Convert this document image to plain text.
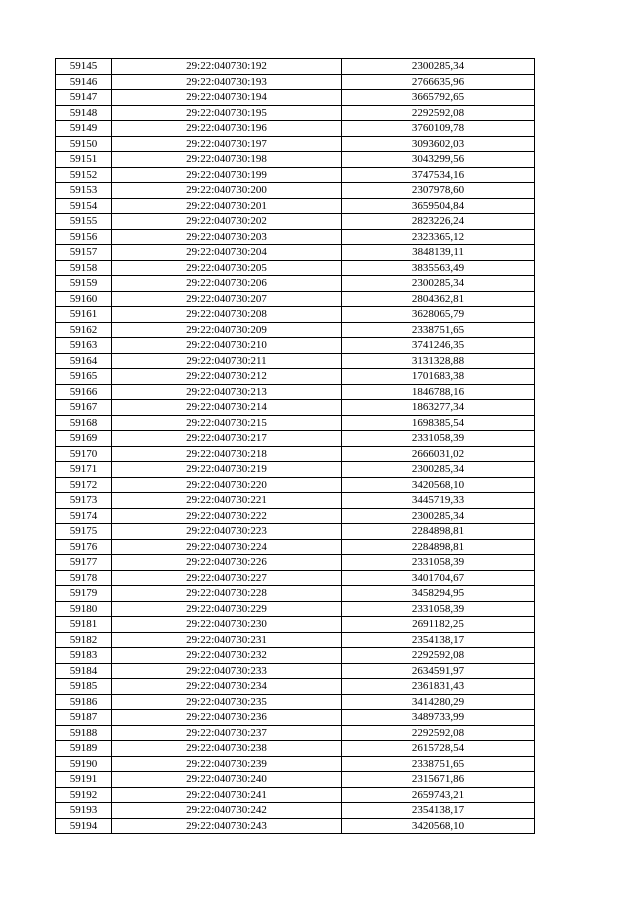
59145	29:22:040730:192	2300285,34
59146	29:22:040730:193	2766635,96
59147	29:22:040730:194	3665792,65
59148	29:22:040730:195	2292592,08
59149	29:22:040730:196	3760109,78
59150	29:22:040730:197	3093602,03
59151	29:22:040730:198	3043299,56
59152	29:22:040730:199	3747534,16
59153	29:22:040730:200	2307978,60
59154	29:22:040730:201	3659504,84
59155	29:22:040730:202	2823226,24
59156	29:22:040730:203	2323365,12
59157	29:22:040730:204	3848139,11
59158	29:22:040730:205	3835563,49
59159	29:22:040730:206	2300285,34
59160	29:22:040730:207	2804362,81
59161	29:22:040730:208	3628065,79
59162	29:22:040730:209	2338751,65
59163	29:22:040730:210	3741246,35
59164	29:22:040730:211	3131328,88
59165	29:22:040730:212	1701683,38
59166	29:22:040730:213	1846788,16
59167	29:22:040730:214	1863277,34
59168	29:22:040730:215	1698385,54
59169	29:22:040730:217	2331058,39
59170	29:22:040730:218	2666031,02
59171	29:22:040730:219	2300285,34
59172	29:22:040730:220	3420568,10
59173	29:22:040730:221	3445719,33
59174	29:22:040730:222	2300285,34
59175	29:22:040730:223	2284898,81
59176	29:22:040730:224	2284898,81
59177	29:22:040730:226	2331058,39
59178	29:22:040730:227	3401704,67
59179	29:22:040730:228	3458294,95
59180	29:22:040730:229	2331058,39
59181	29:22:040730:230	2691182,25
59182	29:22:040730:231	2354138,17
59183	29:22:040730:232	2292592,08
59184	29:22:040730:233	2634591,97
59185	29:22:040730:234	2361831,43
59186	29:22:040730:235	3414280,29
59187	29:22:040730:236	3489733,99
59188	29:22:040730:237	2292592,08
59189	29:22:040730:238	2615728,54
59190	29:22:040730:239	2338751,65
59191	29:22:040730:240	2315671,86
59192	29:22:040730:241	2659743,21
59193	29:22:040730:242	2354138,17
59194	29:22:040730:243	3420568,10
